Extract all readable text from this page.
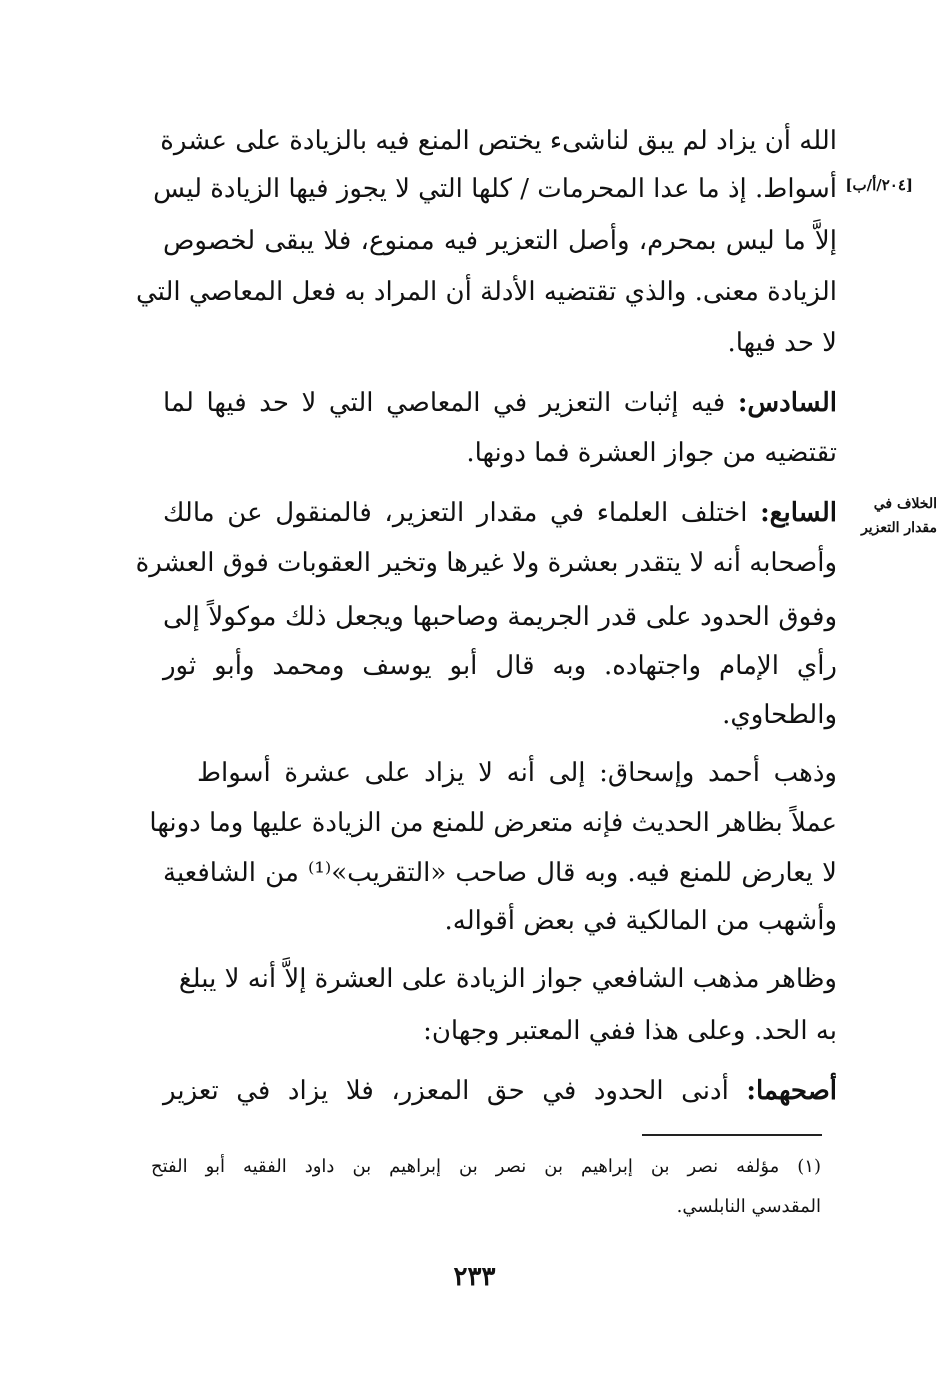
الله أن يزاد لم يبق لناشىء يختص المنع فيه بالزيادة على عشرة
أسواط. إذ ما عدا المحرمات / كلها التي لا يجوز فيها الزيادة ليس
إلاَّ ما ليس بمحرم، وأصل التعزير فيه ممنوع، فلا يبقى لخصوص
الزيادة معنى. والذي تقتضيه الأدلة أن المراد به فعل المعاصي التي
لا حد فيها.
السادس: فيه إثبات التعزير في المعاصي التي لا حد فيها لما
تقتضيه من جواز العشرة فما دونها.
السابع: اختلف العلماء في مقدار التعزير، فالمنقول عن مالك
وأصحابه أنه لا يتقدر بعشرة ولا غيرها وتخير العقوبات فوق العشرة
وفوق الحدود على قدر الجريمة وصاحبها ويجعل ذلك موكولاً إلى
رأي الإمام واجتهاده. وبه قال أبو يوسف ومحمد وأبو ثور
والطحاوي.
وذهب أحمد وإسحاق: إلى أنه لا يزاد على عشرة أسواط
عملاً بظاهر الحديث فإنه متعرض للمنع من الزيادة عليها وما دونها
لا يعارض للمنع فيه. وبه قال صاحب «التقريب»⁽¹⁾ من الشافعية
وأشهب من المالكية في بعض أقواله.
وظاهر مذهب الشافعي جواز الزيادة على العشرة إلاَّ أنه لا يبلغ
به الحد. وعلى هذا ففي المعتبر وجهان:
أصحهما: أدنى الحدود في حق المعزر، فلا يزاد في تعزير
[٢٠٤/أ/ب]
الخلاف في
مقدار التعزير
(١) مؤلفه نصر بن إبراهيم بن نصر بن إبراهيم بن داود الفقيه أبو الفتح
المقدسي النابلسي.
٢٣٣
